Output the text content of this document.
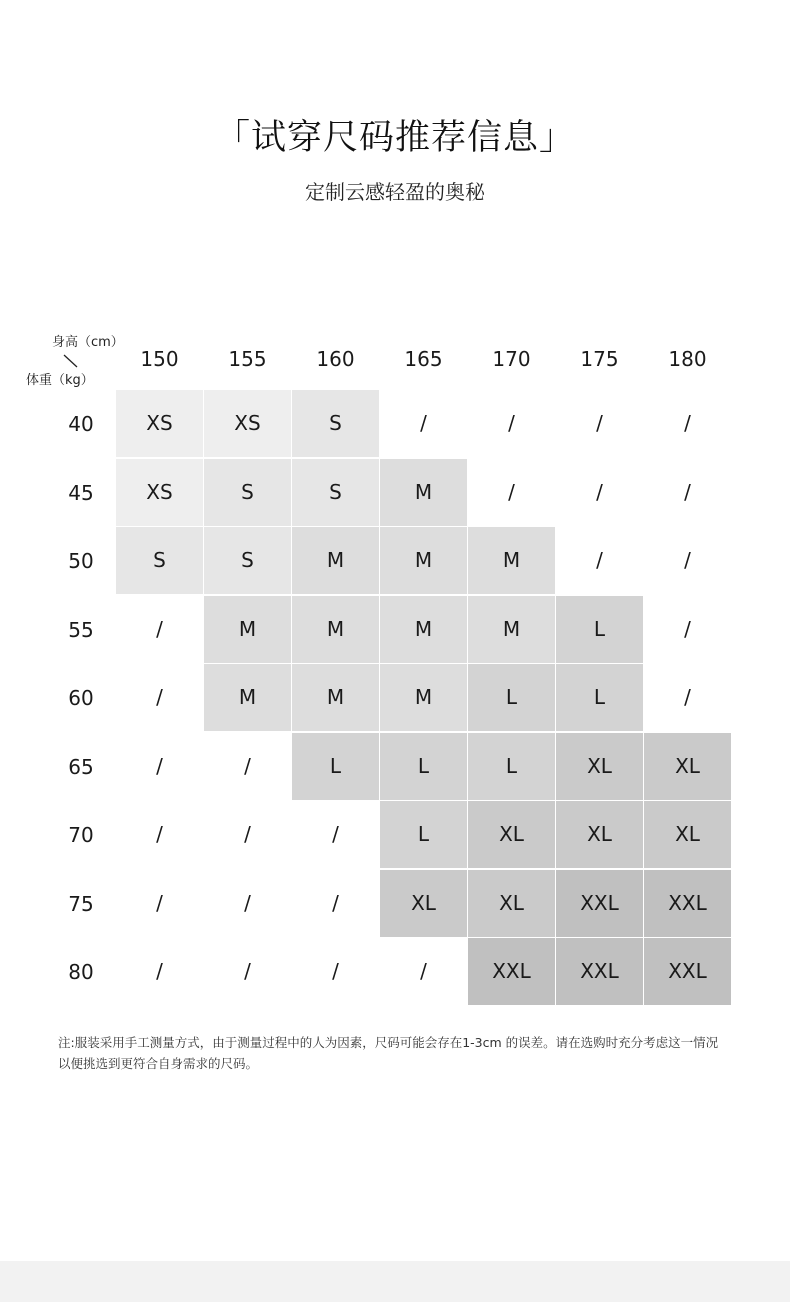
「试穿尺码推荐信息」
定制云感轻盈的奥秘
身高（cm）
体重（kg）
150	155	160	165	170	175	180
40	XS	XS	S	/	/	/	/
45	XS	S	S	M	/	/	/
50	S	S	M	M	M	/	/
55	/	M	M	M	M	L	/
60	/	M	M	M	L	L	/
65	/	/	L	L	L	XL	XL
70	/	/	/	L	XL	XL	XL
75	/	/	/	XL	XL	XXL	XXL
80	/	/	/	/	XXL	XXL	XXL
注:服装采用手工测量方式，由于测量过程中的人为因素，尺码可能会存在1-3cm 的误差。请在选购时充分考虑这一情况
以便挑选到更符合自身需求的尺码。
